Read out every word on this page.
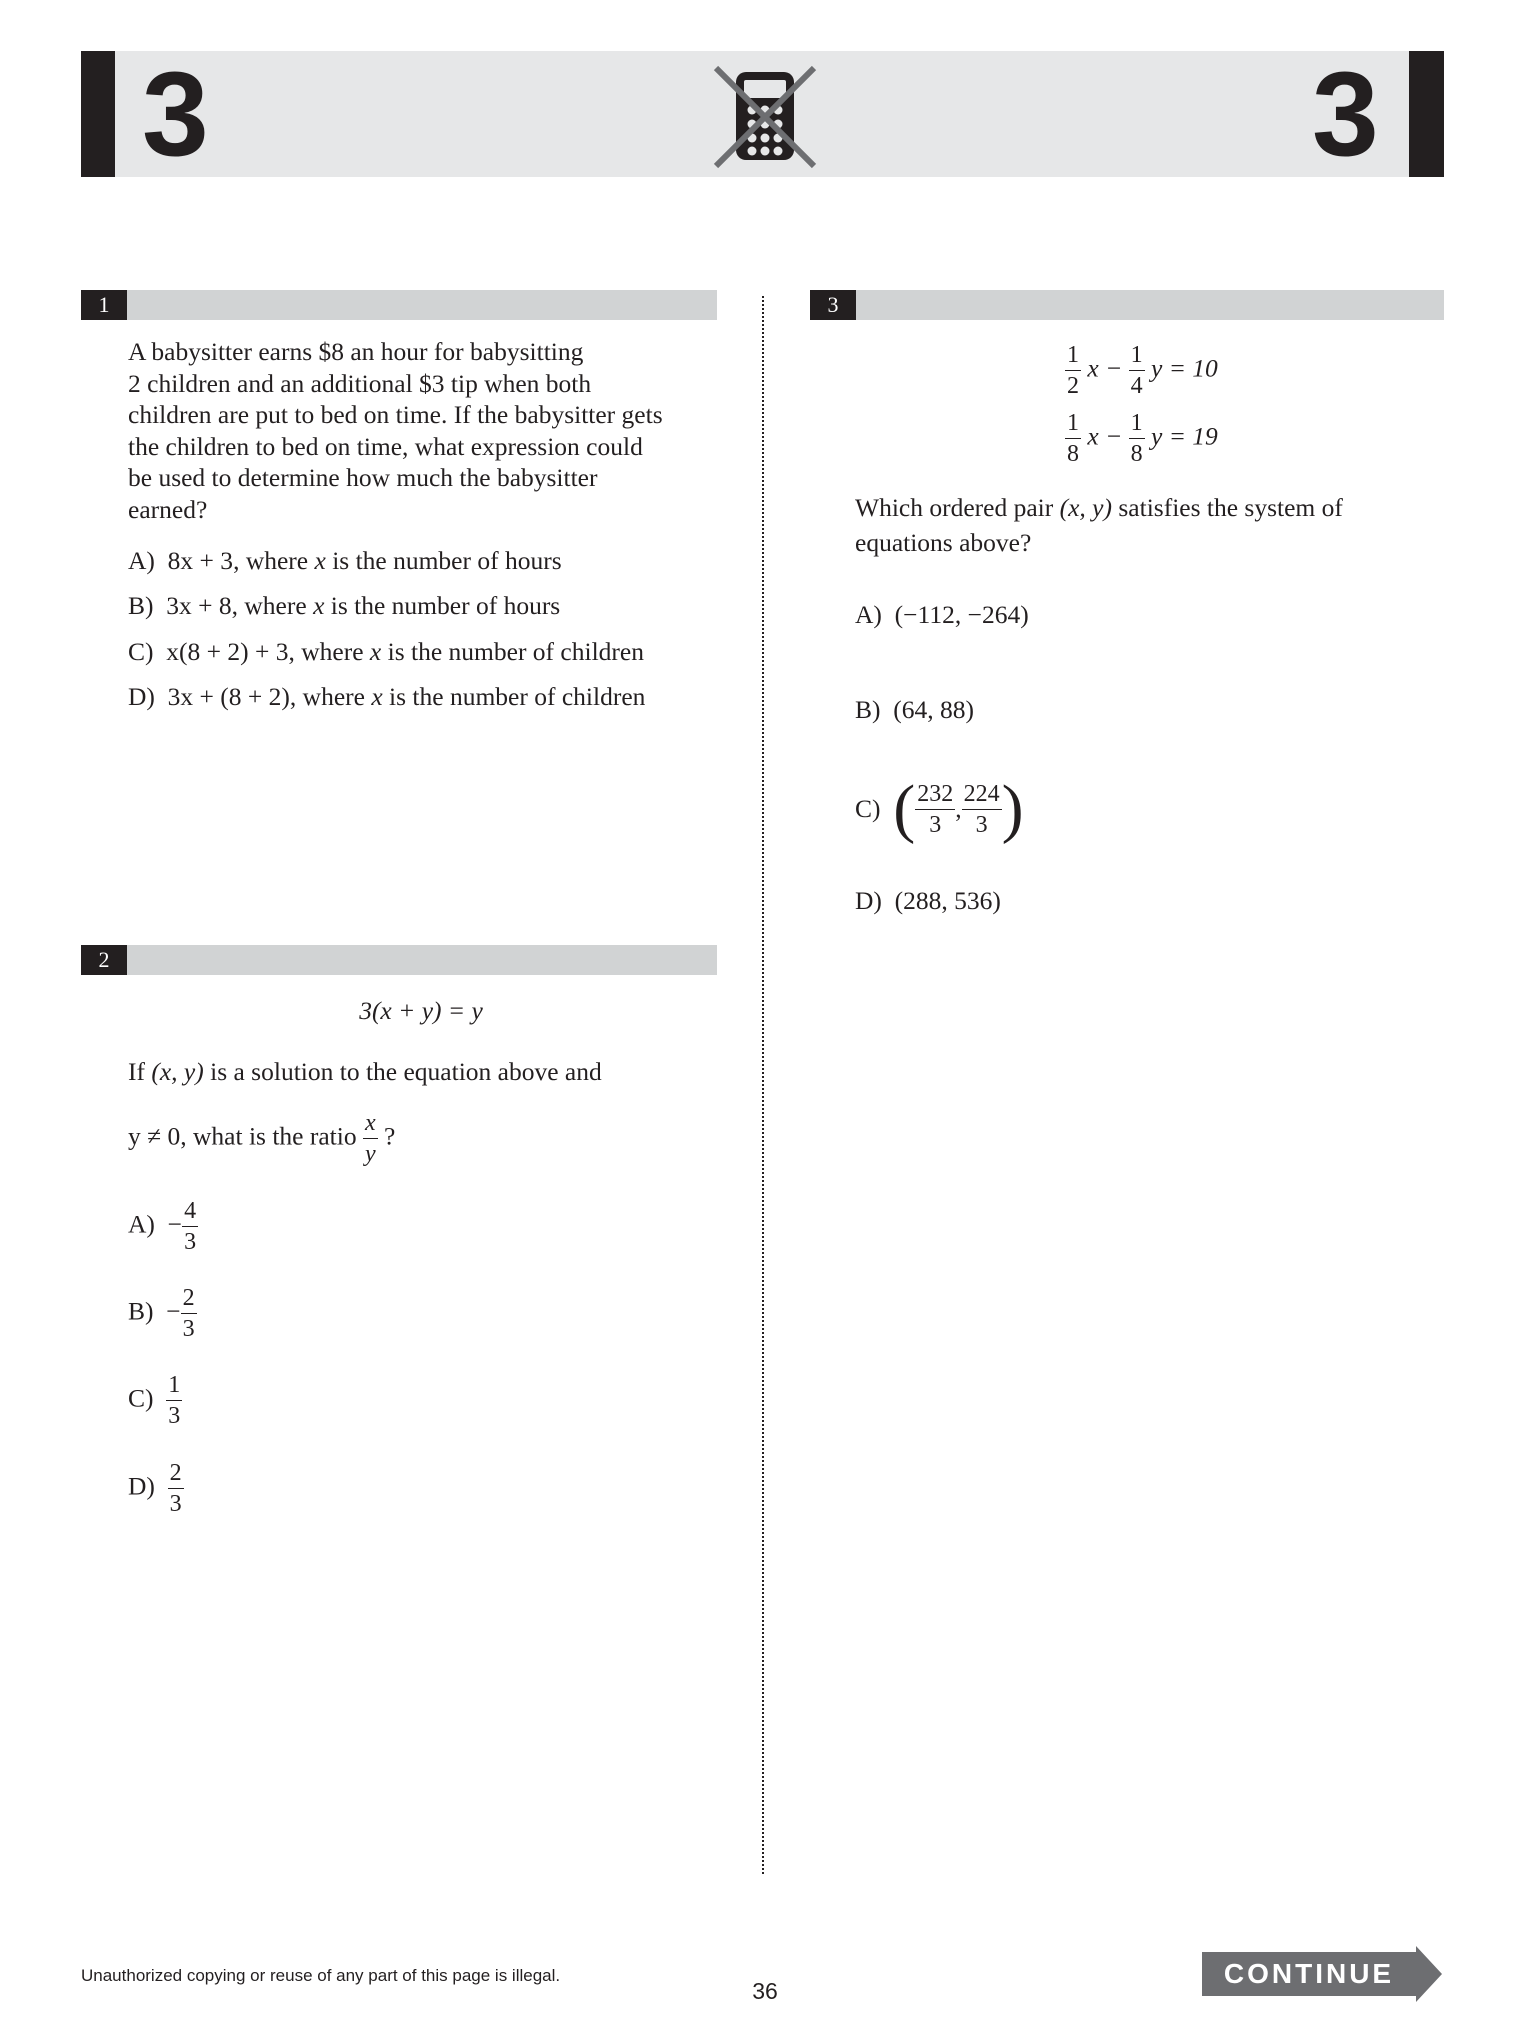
3	3
1
A babysitter earns $8 an hour for babysitting
2 children and an additional $3 tip when both
children are put to bed on time. If the babysitter gets
the children to bed on time, what expression could
be used to determine how much the babysitter
earned?
A) 8x + 3, where x is the number of hours
B) 3x + 8, where x is the number of hours
C) x(8 + 2) + 3, where x is the number of children
D) 3x + (8 + 2), where x is the number of children
2
3(x + y) = y
If (x, y) is a solution to the equation above and
y ≠ 0, what is the ratio $\frac{x}{y}$ ?
$A) - \frac{4}{3}$
$B) - \frac{2}{3}$
$C) \frac{1}{3}$
$D) \frac{2}{3}$
3
$\frac{1}{2}$ $x - \frac{1}{4}$ y = 10
$\frac{1}{8}$ $x - \frac{1}{8}$ y = 19
Which ordered pair (x, y) satisfies the system of
equations above?
A) (−112, −264)
B) (64, 88)
C)
( $\frac{232}{3}$ , $\frac{224}{3}$ )
D) (288, 536)
Unauthorized copying or reuse of any part of this page is illegal.
36
CONTINUE
